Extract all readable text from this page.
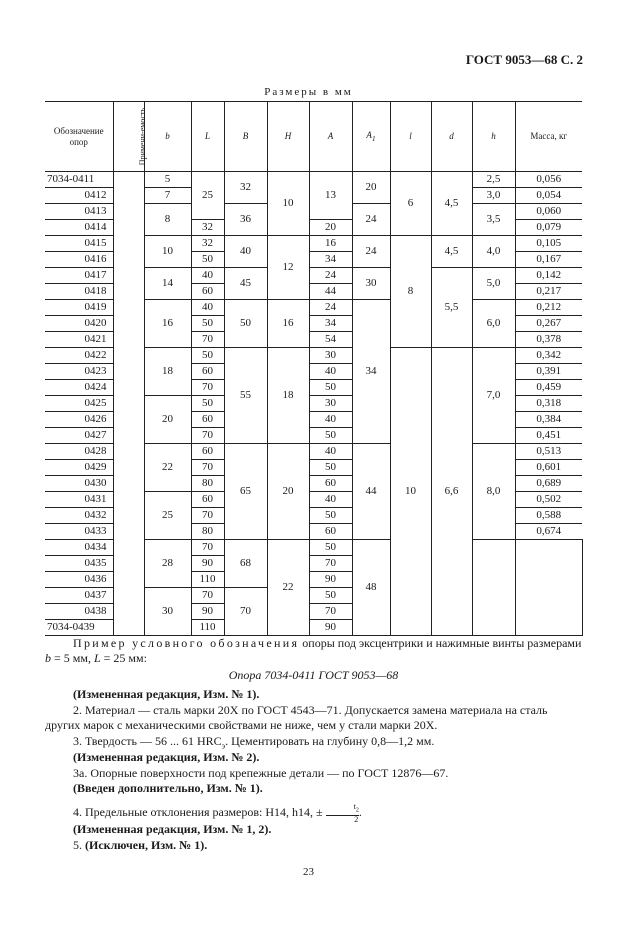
ГОСТ 9053—68 С. 2
Размеры в мм
Обозначение опор	Примени-емость	b	L	B	H	A	$A_1$	l	d	h	Масса, кг	
7034-0411		5	25	32	10	13	20	6	4,5	2,5	0,056	
0412		7								3,0	0,054	
0413		8		36			24			3,5	0,060	
0414			32			20					0,079	
0415		10	32	40	12	16	24	8	4,5	4,0	0,105	
0416			50			34					0,167	
0417		14	40	45		24	30		5,5	5,0	0,142	
0418			60			44					0,217	
0419		16	40	50	16	24	34			6,0	0,212	
0420			50			34					0,267	
0421			70			54					0,378	
0422		18	50	55	18	30		10	6,6	7,0	0,342	
0423			60			40					0,391	
0424			70			50					0,459	
0425		20	50			30					0,318	
0426			60			40					0,384	
0427			70			50					0,451	
0428		22	60	65	20	40	44			8,0	0,513	
0429			70			50					0,601	
0430			80			60					0,689	
0431		25	60			40					0,502	
0432			70			50					0,588	
0433			80			60					0,674	
0434		28	70	68	22	50	48				
0435			90			70	
0436			110			90	
0437		30	70	70		50	
0438			90			70	
7034-0439			110			90	
Пример условного обозначения опоры под эксцентрики и нажимные винты размерами b = 5 мм, L = 25 мм:
Опора 7034-0411 ГОСТ 9053—68
(Измененная редакция, Изм. № 1).
2. Материал — сталь марки 20Х по ГОСТ 4543—71. Допускается замена материала на сталь других марок с механическими свойствами не ниже, чем у стали марки 20Х.
3. Твердость — 56 ... 61 $HRC_э$. Цементировать на глубину 0,8—1,2 мм.
(Измененная редакция, Изм. № 2).
3а. Опорные поверхности под крепежные детали — по ГОСТ 12876—67.
(Введен дополнительно, Изм. № 1).
4. Предельные отклонения размеров: H14, h14, ± $\frac{t_2}{2}$ .
(Измененная редакция, Изм. № 1, 2).
5. (Исключен, Изм. № 1).
23
